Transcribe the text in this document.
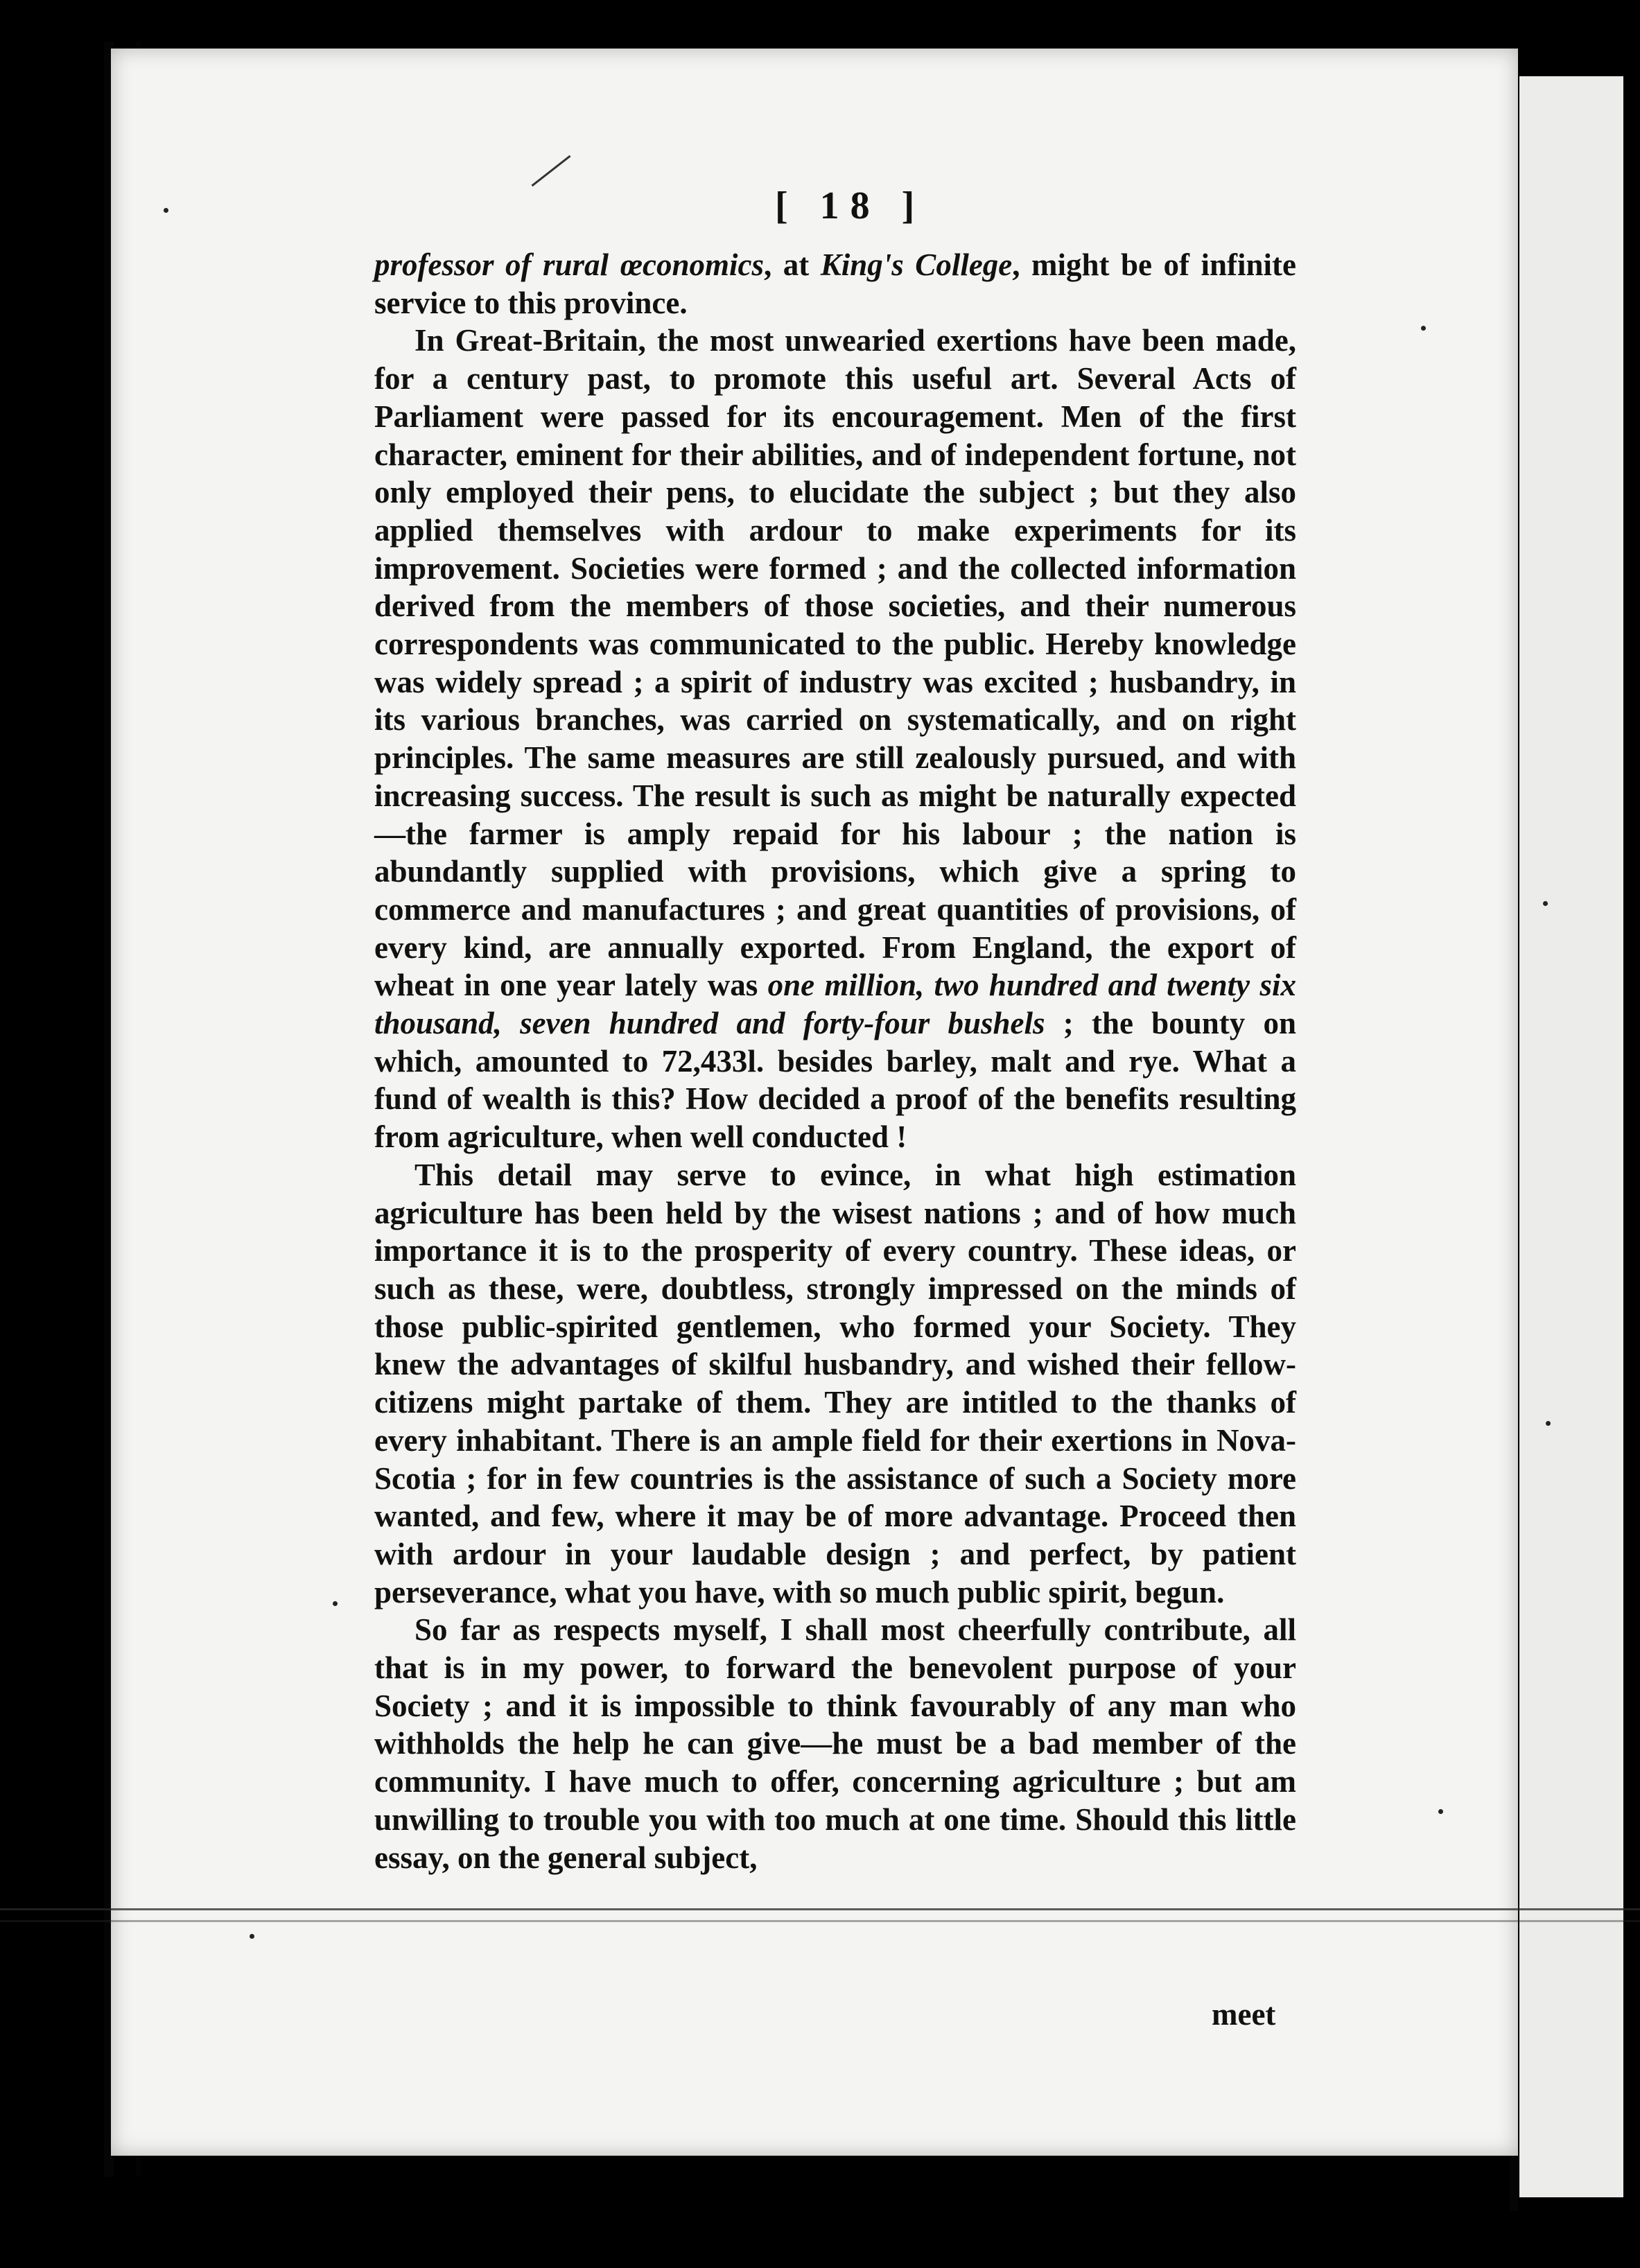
[ 18 ]

professor of rural œconomics, at King's College, might be of infinite service to this province.

In Great-Britain, the most unwearied exertions have been made, for a century past, to promote this useful art. Several Acts of Parliament were passed for its encouragement. Men of the first character, eminent for their abilities, and of independent fortune, not only employed their pens, to elucidate the subject ; but they also applied themselves with ardour to make experiments for its improvement. Societies were formed ; and the collected information derived from the members of those societies, and their numerous correspondents was communicated to the public. Hereby knowledge was widely spread ; a spirit of industry was excited ; husbandry, in its various branches, was carried on systematically, and on right principles. The same measures are still zealously pursued, and with increasing success. The result is such as might be naturally expected—the farmer is amply repaid for his labour ; the nation is abundantly supplied with provisions, which give a spring to commerce and manufactures ; and great quantities of provisions, of every kind, are annually exported. From England, the export of wheat in one year lately was one million, two hundred and twenty six thousand, seven hundred and forty-four bushels ; the bounty on which, amounted to 72,433l. besides barley, malt and rye. What a fund of wealth is this? How decided a proof of the benefits resulting from agriculture, when well conducted !

This detail may serve to evince, in what high estimation agriculture has been held by the wisest nations ; and of how much importance it is to the prosperity of every country. These ideas, or such as these, were, doubtless, strongly impressed on the minds of those public-spirited gentlemen, who formed your Society. They knew the advantages of skilful husbandry, and wished their fellow-citizens might partake of them. They are intitled to the thanks of every inhabitant. There is an ample field for their exertions in Nova-Scotia ; for in few countries is the assistance of such a Society more wanted, and few, where it may be of more advantage. Proceed then with ardour in your laudable design ; and perfect, by patient perseverance, what you have, with so much public spirit, begun.

So far as respects myself, I shall most cheerfully contribute, all that is in my power, to forward the benevolent purpose of your Society ; and it is impossible to think favourably of any man who withholds the help he can give—he must be a bad member of the community. I have much to offer, concerning agriculture ; but am unwilling to trouble you with too much at one time. Should this little essay, on the general subject,

meet
